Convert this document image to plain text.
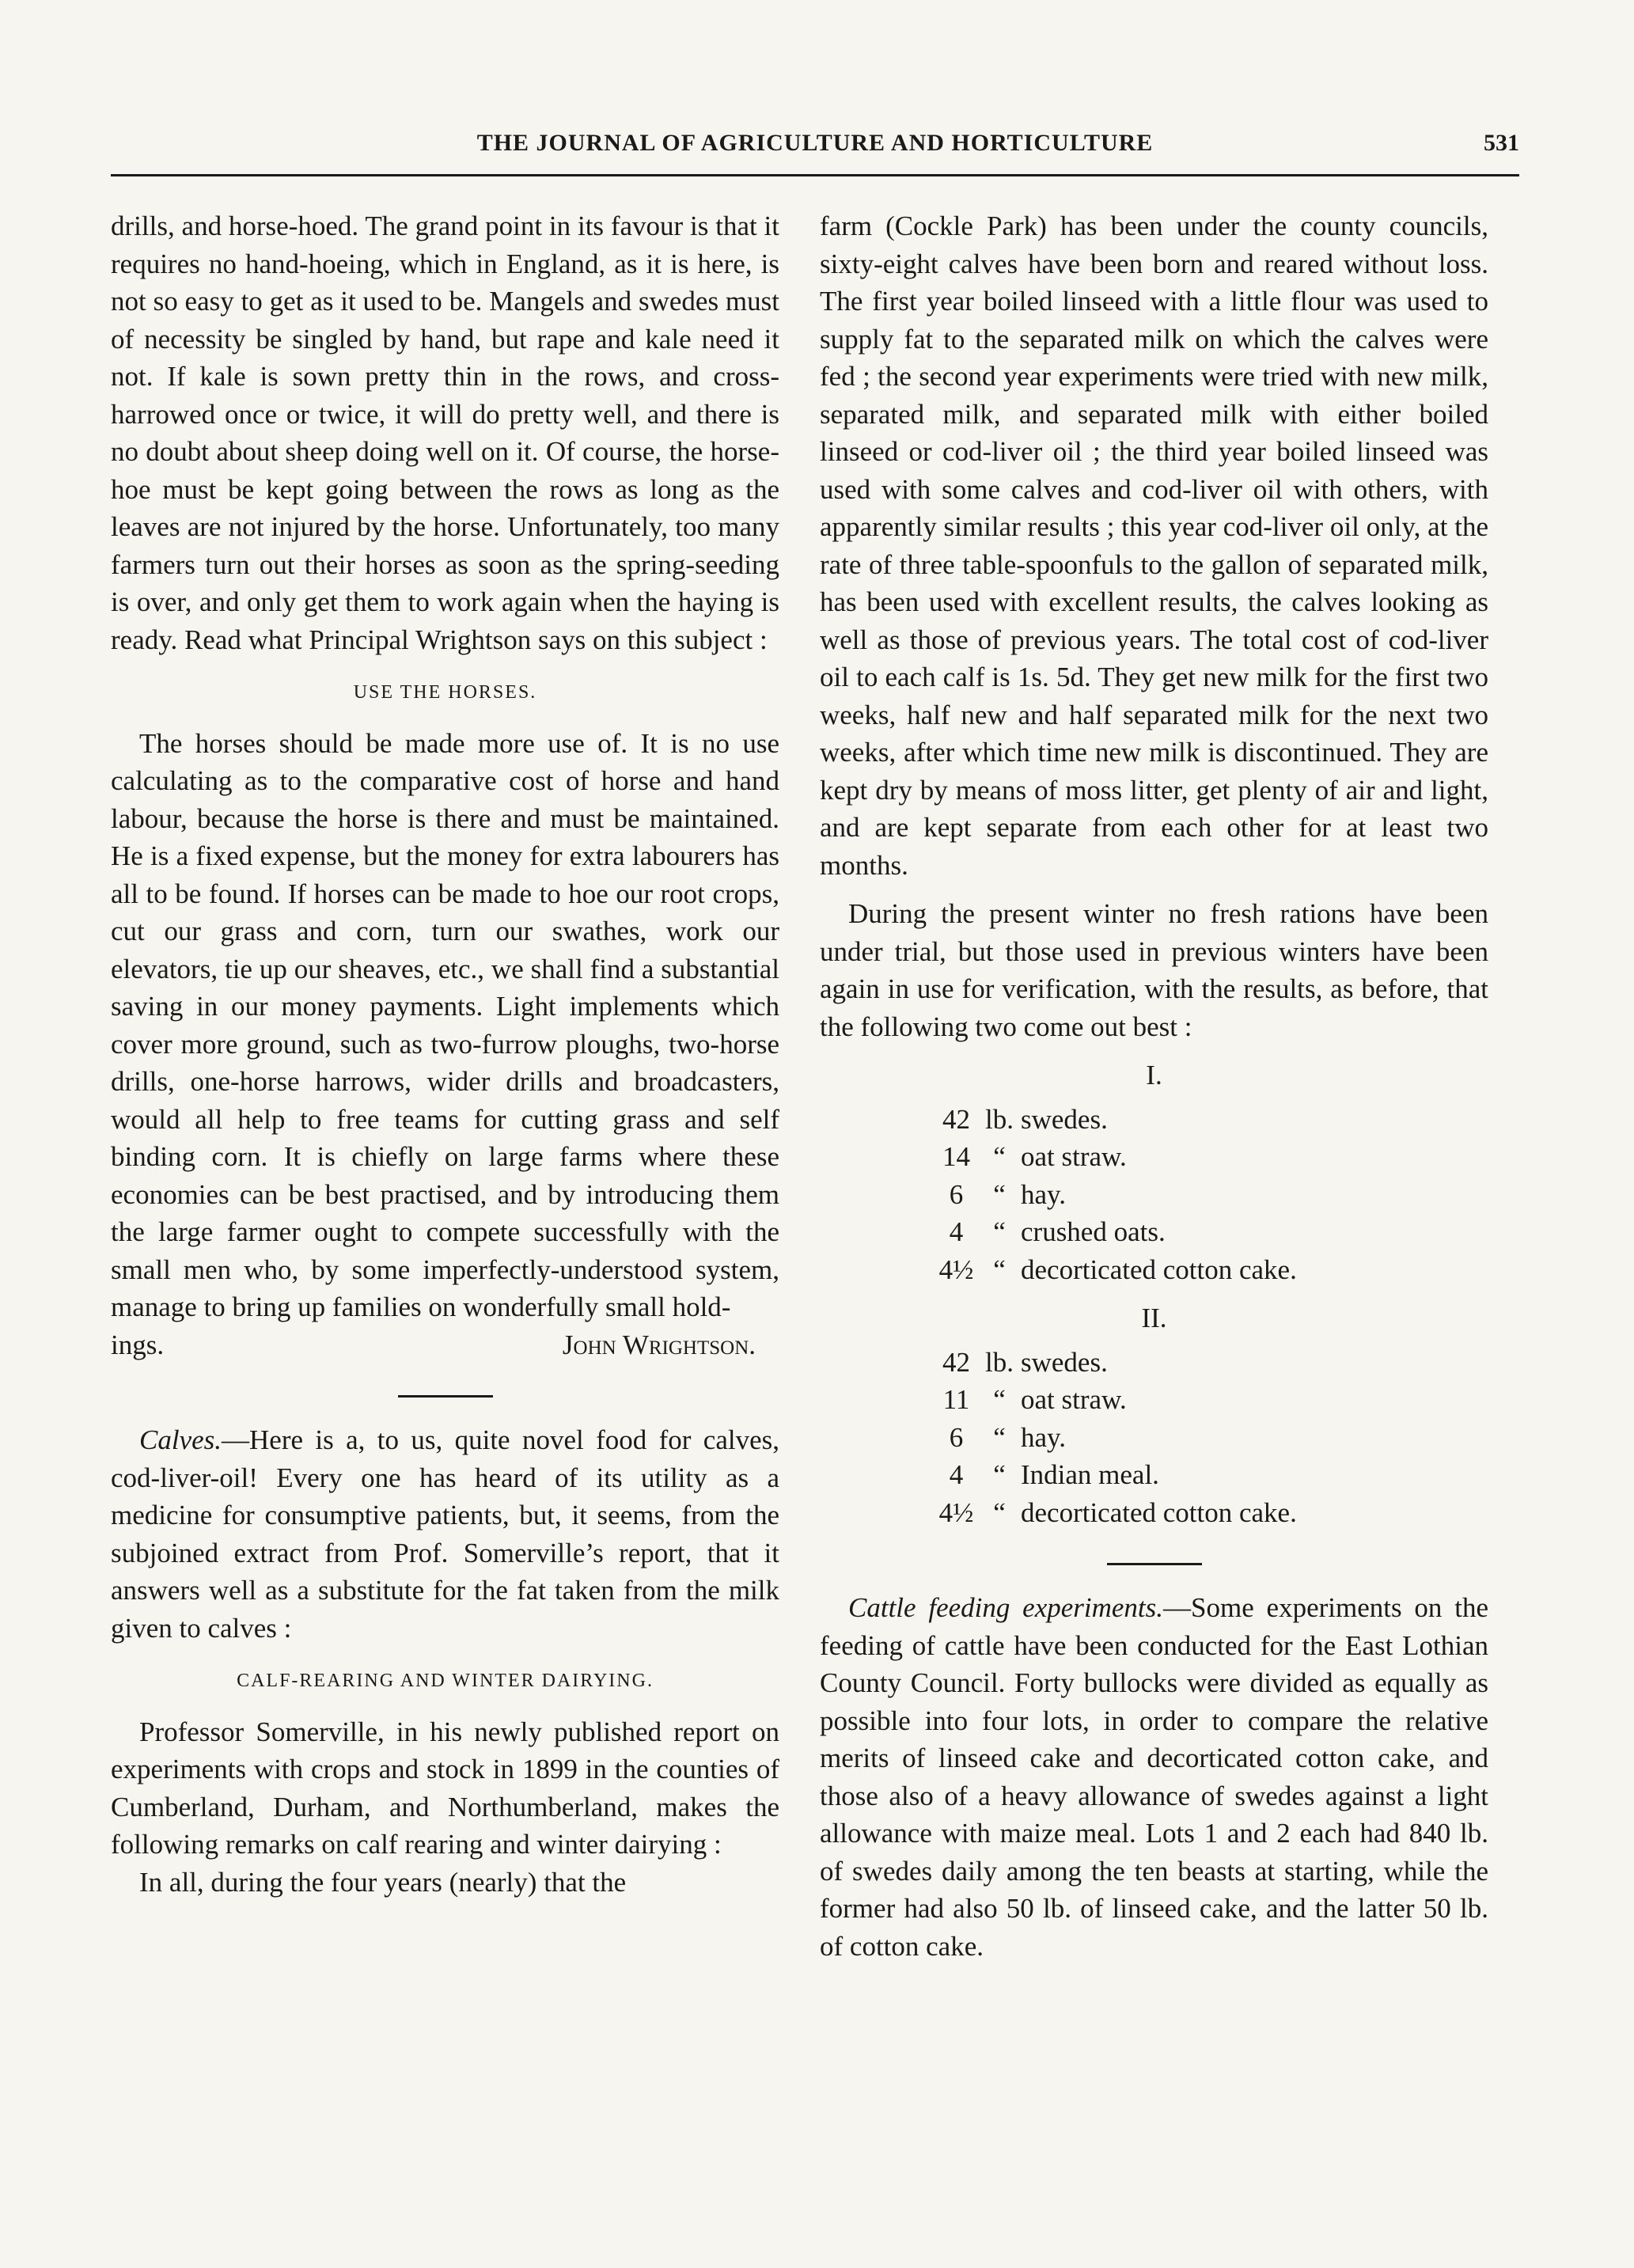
THE JOURNAL OF AGRICULTURE AND HORTICULTURE	531

drills, and horse-hoed. The grand point in its favour is that it requires no hand-hoeing, which in England, as it is here, is not so easy to get as it used to be. Mangels and swedes must of necessity be singled by hand, but rape and kale need it not. If kale is sown pretty thin in the rows, and cross-harrowed once or twice, it will do pretty well, and there is no doubt about sheep doing well on it. Of course, the horse-hoe must be kept going between the rows as long as the leaves are not injured by the horse. Unfortunately, too many farmers turn out their horses as soon as the spring-seeding is over, and only get them to work again when the haying is ready. Read what Principal Wrightson says on this subject :

USE THE HORSES.

The horses should be made more use of. It is no use calculating as to the comparative cost of horse and hand labour, because the horse is there and must be maintained. He is a fixed expense, but the money for extra labourers has all to be found. If horses can be made to hoe our root crops, cut our grass and corn, turn our swathes, work our elevators, tie up our sheaves, etc., we shall find a substantial saving in our money payments. Light implements which cover more ground, such as two-furrow ploughs, two-horse drills, one-horse harrows, wider drills and broadcasters, would all help to free teams for cutting grass and self binding corn. It is chiefly on large farms where these economies can be best practised, and by introducing them the large farmer ought to compete successfully with the small men who, by some imperfectly-understood system, manage to bring up families on wonderfully small hold-

ings.	John Wrightson.

Calves.—Here is a, to us, quite novel food for calves, cod-liver-oil! Every one has heard of its utility as a medicine for consumptive patients, but, it seems, from the subjoined extract from Prof. Somerville’s report, that it answers well as a substitute for the fat taken from the milk given to calves :

CALF-REARING AND WINTER DAIRYING.

Professor Somerville, in his newly published report on experiments with crops and stock in 1899 in the counties of Cumberland, Durham, and Northumberland, makes the following remarks on calf rearing and winter dairying :

In all, during the four years (nearly) that the

farm (Cockle Park) has been under the county councils, sixty-eight calves have been born and reared without loss. The first year boiled linseed with a little flour was used to supply fat to the separated milk on which the calves were fed ; the second year experiments were tried with new milk, separated milk, and separated milk with either boiled linseed or cod-liver oil ; the third year boiled linseed was used with some calves and cod-liver oil with others, with apparently similar results ; this year cod-liver oil only, at the rate of three table-spoonfuls to the gallon of separated milk, has been used with excellent results, the calves looking as well as those of previous years. The total cost of cod-liver oil to each calf is 1s. 5d. They get new milk for the first two weeks, half new and half separated milk for the next two weeks, after which time new milk is discontinued. They are kept dry by means of moss litter, get plenty of air and light, and are kept separate from each other for at least two months.

During the present winter no fresh rations have been under trial, but those used in previous winters have been again in use for verification, with the results, as before, that the following two come out best :

I.
42	lb.	swedes.
14	“	oat straw.
6	“	hay.
4	“	crushed oats.
4½	“	decorticated cotton cake.
II.
42	lb.	swedes.
11	“	oat straw.
6	“	hay.
4	“	Indian meal.
4½	“	decorticated cotton cake.

Cattle feeding experiments.—Some experiments on the feeding of cattle have been conducted for the East Lothian County Council. Forty bullocks were divided as equally as possible into four lots, in order to compare the relative merits of linseed cake and decorticated cotton cake, and those also of a heavy allowance of swedes against a light allowance with maize meal. Lots 1 and 2 each had 840 lb. of swedes daily among the ten beasts at starting, while the former had also 50 lb. of linseed cake, and the latter 50 lb. of cotton cake.
